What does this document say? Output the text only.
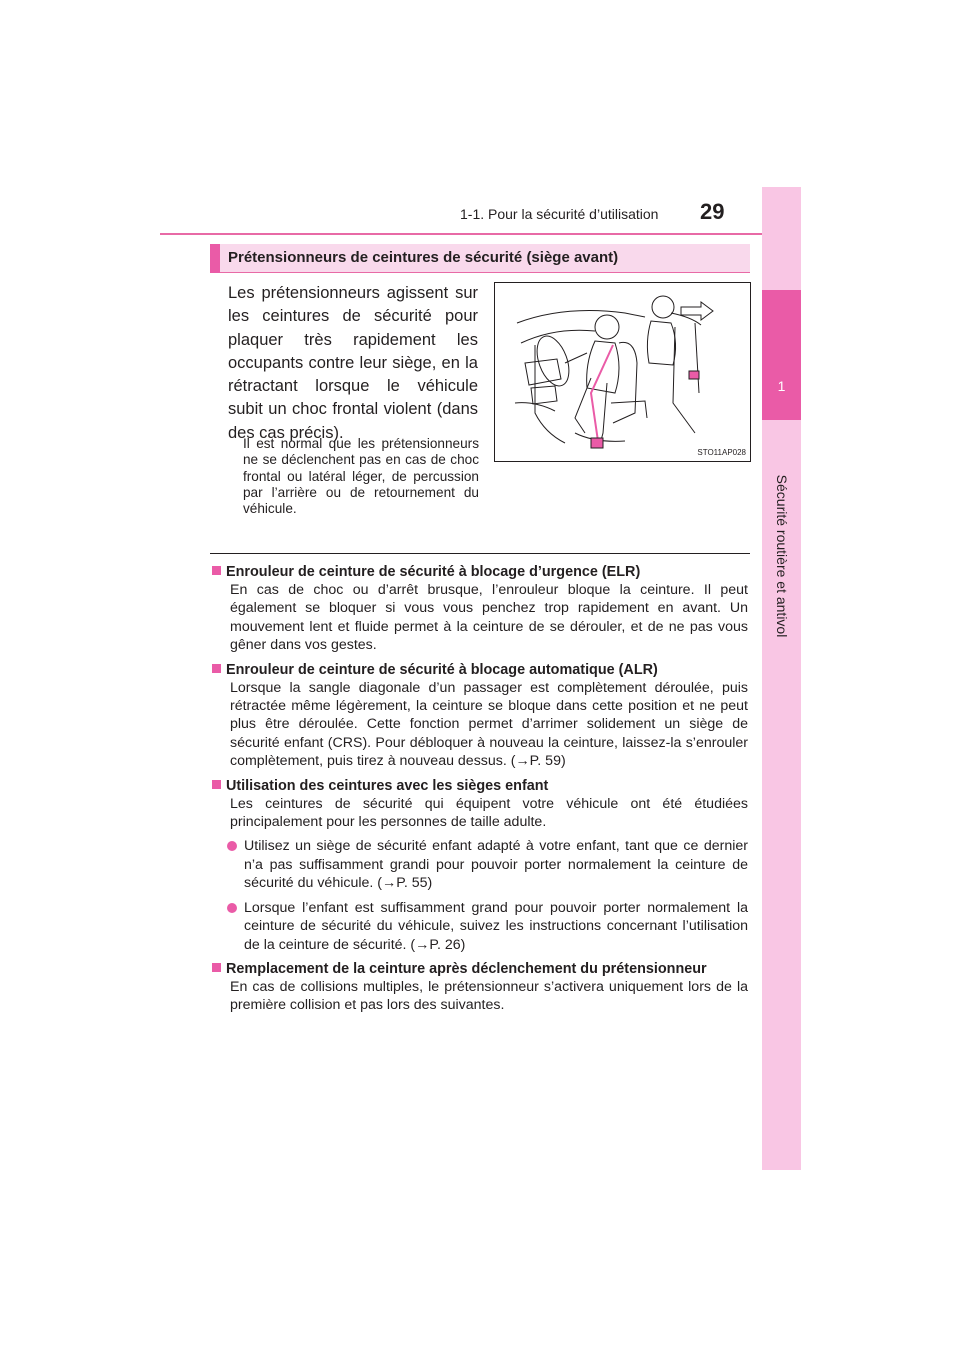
1-1. Pour la sécurité d’utilisation 29
1
Sécurité routière et antivol
Prétensionneurs de ceintures de sécurité (siège avant)

Les prétensionneurs agissent sur les ceintures de sécurité pour plaquer très rapidement les occupants contre leur siège, en la rétractant lorsque le véhicule subit un choc frontal violent (dans des cas précis).

Il est normal que les prétensionneurs ne se déclenchent pas en cas de choc frontal ou latéral léger, de percussion par l’arrière ou de retournement du véhicule.

STO11AP028

Enrouleur de ceinture de sécurité à blocage d’urgence (ELR)

En cas de choc ou d’arrêt brusque, l’enrouleur bloque la ceinture. Il peut également se bloquer si vous vous penchez trop rapidement en avant. Un mouvement lent et fluide permet à la ceinture de se dérouler, et de ne pas vous gêner dans vos gestes.

Enrouleur de ceinture de sécurité à blocage automatique (ALR)

Lorsque la sangle diagonale d’un passager est complètement déroulée, puis rétractée même légèrement, la ceinture se bloque dans cette position et ne peut plus être déroulée. Cette fonction permet d’arrimer solidement un siège de sécurité enfant (CRS). Pour débloquer à nouveau la ceinture, laissez-la s’enrouler complètement, puis tirez à nouveau dessus. (→P. 59)

Utilisation des ceintures avec les sièges enfant

Les ceintures de sécurité qui équipent votre véhicule ont été étudiées principalement pour les personnes de taille adulte.

Utilisez un siège de sécurité enfant adapté à votre enfant, tant que ce dernier n’a pas suffisamment grandi pour pouvoir porter normalement la ceinture de sécurité du véhicule. (→P. 55)

Lorsque l’enfant est suffisamment grand pour pouvoir porter normalement la ceinture de sécurité du véhicule, suivez les instructions concernant l’utilisation de la ceinture de sécurité. (→P. 26)

Remplacement de la ceinture après déclenchement du prétensionneur

En cas de collisions multiples, le prétensionneur s’activera uniquement lors de la première collision et pas lors des suivantes.
